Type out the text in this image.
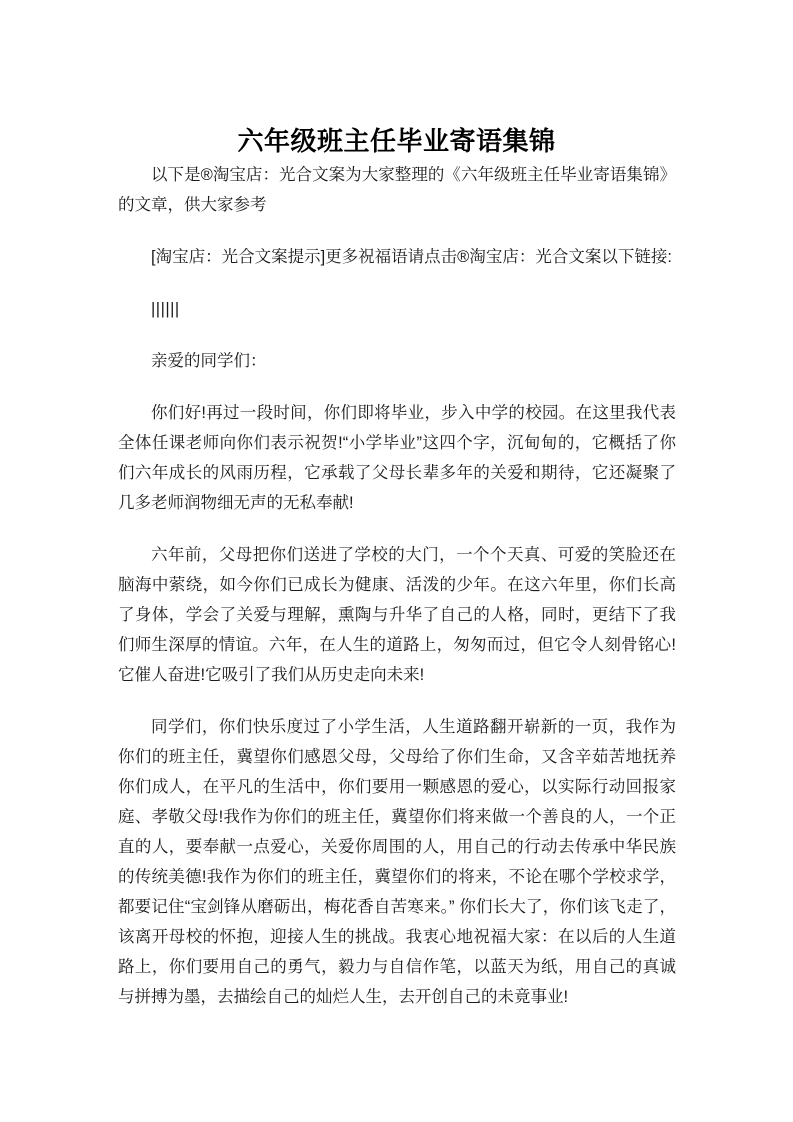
六年级班主任毕业寄语集锦

以下是®淘宝店：光合文案为大家整理的《六年级班主任毕业寄语集锦》的文章，供大家参考

[淘宝店：光合文案提示]更多祝福语请点击®淘宝店：光合文案以下链接:

||||||

亲爱的同学们：

你们好!再过一段时间，你们即将毕业，步入中学的校园。在这里我代表全体任课老师向你们表示祝贺!“小学毕业”这四个字，沉甸甸的，它概括了你们六年成长的风雨历程，它承载了父母长辈多年的关爱和期待，它还凝聚了几多老师润物细无声的无私奉献!

六年前，父母把你们送进了学校的大门，一个个天真、可爱的笑脸还在脑海中萦绕，如今你们已成长为健康、活泼的少年。在这六年里，你们长高了身体，学会了关爱与理解，熏陶与升华了自己的人格，同时，更结下了我们师生深厚的情谊。六年，在人生的道路上，匆匆而过，但它令人刻骨铭心!它催人奋进!它吸引了我们从历史走向未来!

同学们，你们快乐度过了小学生活，人生道路翻开崭新的一页，我作为你们的班主任，冀望你们感恩父母，父母给了你们生命，又含辛茹苦地抚养你们成人，在平凡的生活中，你们要用一颗感恩的爱心，以实际行动回报家庭、孝敬父母!我作为你们的班主任，冀望你们将来做一个善良的人，一个正直的人，要奉献一点爱心，关爱你周围的人，用自己的行动去传承中华民族的传统美德!我作为你们的班主任，冀望你们的将来，不论在哪个学校求学，都要记住“宝剑锋从磨砺出，梅花香自苦寒来。” 你们长大了，你们该飞走了，该离开母校的怀抱，迎接人生的挑战。我衷心地祝福大家：在以后的人生道路上，你们要用自己的勇气，毅力与自信作笔，以蓝天为纸，用自己的真诚与拼搏为墨，去描绘自己的灿烂人生，去开创自己的未竟事业!
